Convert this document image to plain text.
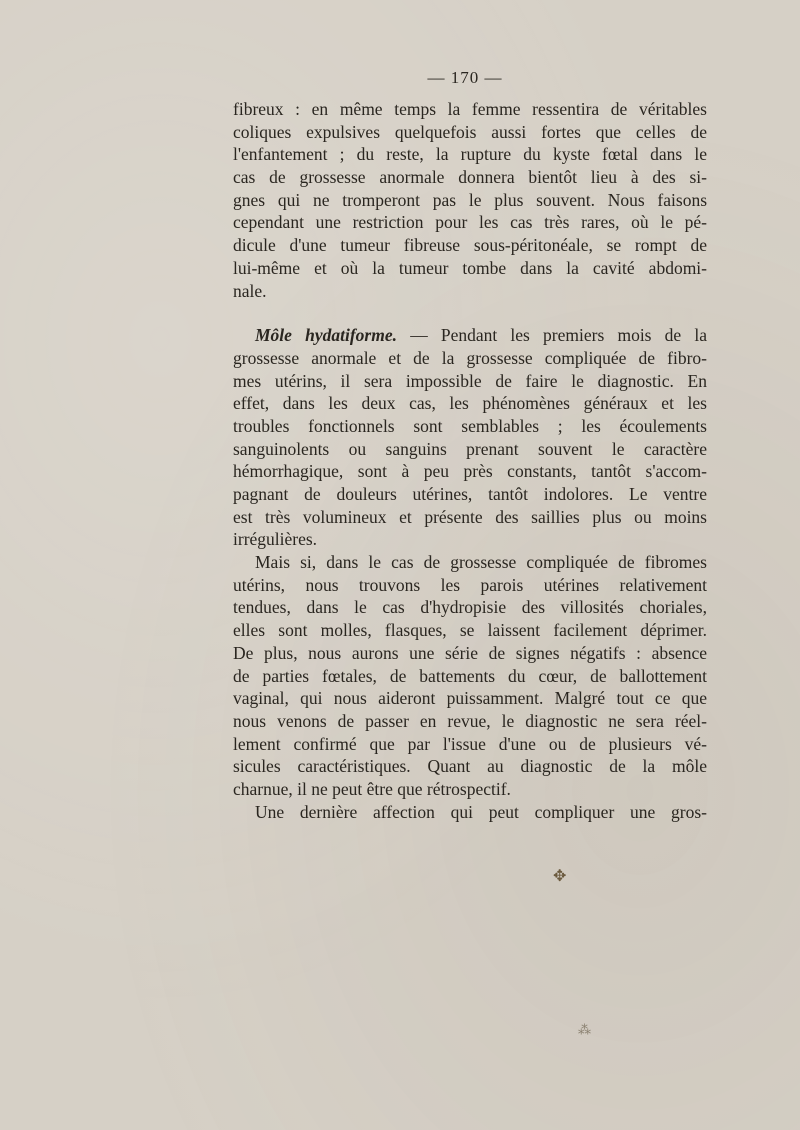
— 170 —
fibreux : en même temps la femme ressentira de véritables
coliques expulsives quelquefois aussi fortes que celles de
l'enfantement ; du reste, la rupture du kyste fœtal dans le
cas de grossesse anormale donnera bientôt lieu à des si-
gnes qui ne tromperont pas le plus souvent. Nous faisons
cependant une restriction pour les cas très rares, où le pé-
dicule d'une tumeur fibreuse sous-péritonéale, se rompt de
lui-même et où la tumeur tombe dans la cavité abdomi-
nale.
Môle hydatiforme. — Pendant les premiers mois de la
grossesse anormale et de la grossesse compliquée de fibro-
mes utérins, il sera impossible de faire le diagnostic. En
effet, dans les deux cas, les phénomènes généraux et les
troubles fonctionnels sont semblables ; les écoulements
sanguinolents ou sanguins prenant souvent le caractère
hémorrhagique, sont à peu près constants, tantôt s'accom-
pagnant de douleurs utérines, tantôt indolores. Le ventre
est très volumineux et présente des saillies plus ou moins
irrégulières.
Mais si, dans le cas de grossesse compliquée de fibromes
utérins, nous trouvons les parois utérines relativement
tendues, dans le cas d'hydropisie des villosités choriales,
elles sont molles, flasques, se laissent facilement déprimer.
De plus, nous aurons une série de signes négatifs : absence
de parties fœtales, de battements du cœur, de ballottement
vaginal, qui nous aideront puissamment. Malgré tout ce que
nous venons de passer en revue, le diagnostic ne sera réel-
lement confirmé que par l'issue d'une ou de plusieurs vé-
sicules caractéristiques. Quant au diagnostic de la môle
charnue, il ne peut être que rétrospectif.
Une dernière affection qui peut compliquer une gros-
✥
⁂
